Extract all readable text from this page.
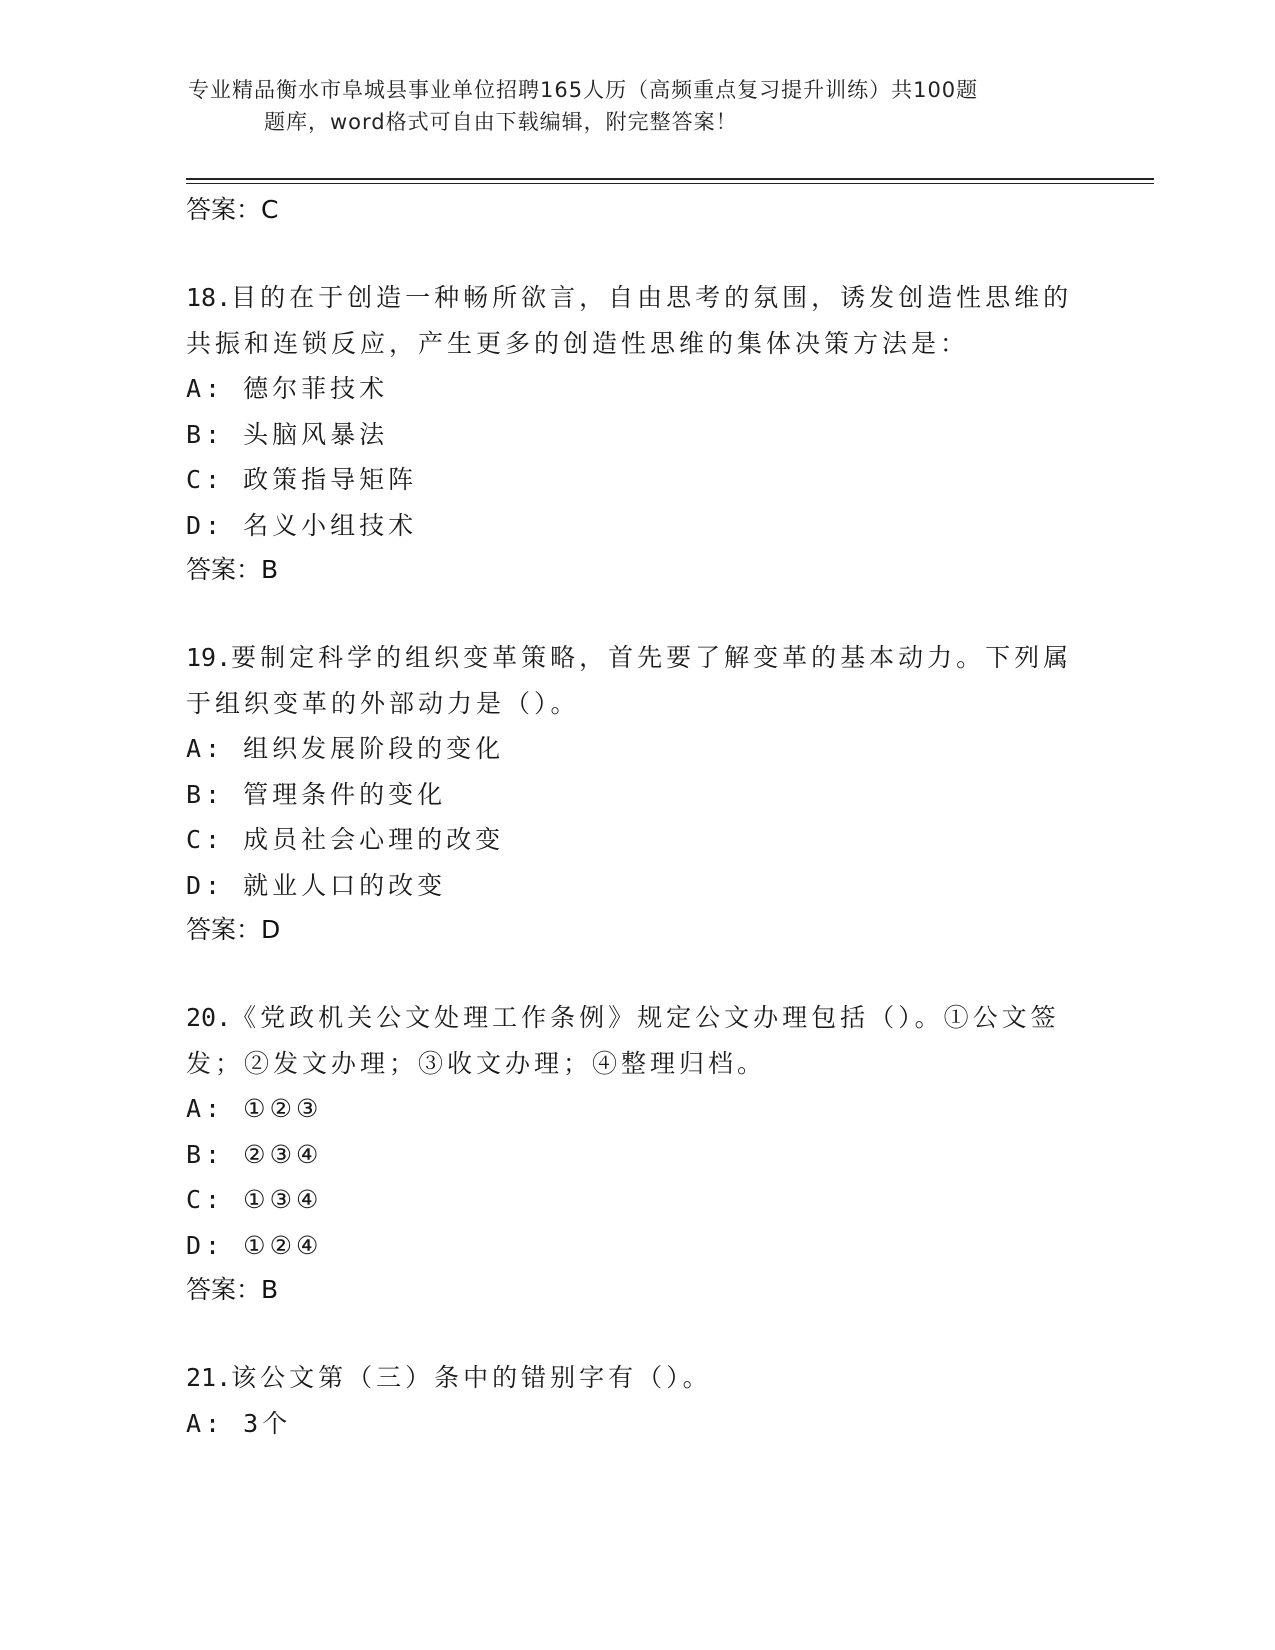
专业精品衡水市阜城县事业单位招聘165人历（高频重点复习提升训练）共100题
题库，word格式可自由下载编辑，附完整答案！
答案：C
18.目的在于创造一种畅所欲言，自由思考的氛围，诱发创造性思维的
共振和连锁反应，产生更多的创造性思维的集体决策方法是：
A: 德尔菲技术
B: 头脑风暴法
C: 政策指导矩阵
D: 名义小组技术
答案：B
19.要制定科学的组织变革策略，首先要了解变革的基本动力。下列属
于组织变革的外部动力是（）。
A: 组织发展阶段的变化
B: 管理条件的变化
C: 成员社会心理的改变
D: 就业人口的改变
答案：D
20.《党政机关公文处理工作条例》规定公文办理包括（）。①公文签
发；②发文办理；③收文办理；④整理归档。
A: ①②③
B: ②③④
C: ①③④
D: ①②④
答案：B
21.该公文第（三）条中的错别字有（）。
A: 3个
